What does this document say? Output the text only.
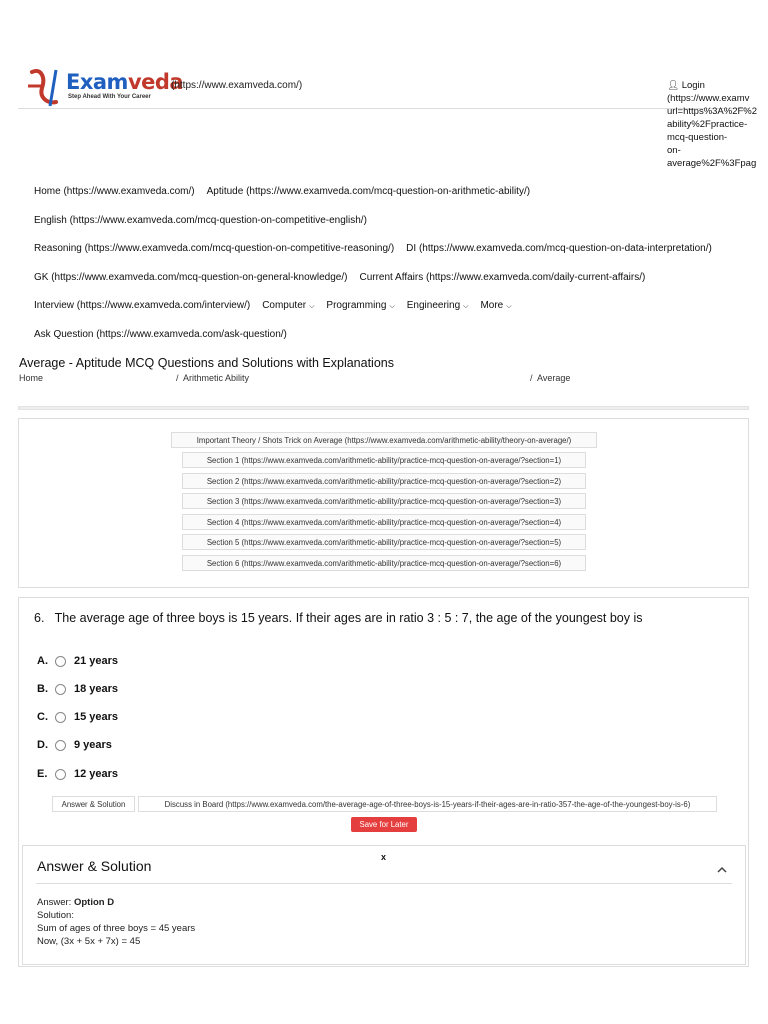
Examveda
Step Ahead With Your Career
(https://www.examveda.com/)	👤︎ Login
(https://www.examv
url=https%3A%2F%2
ability%2Fpractice-
mcq-question-
on-
average%2F%3Fpag
Home (https://www.examveda.com/) Aptitude (https://www.examveda.com/mcq-question-on-arithmetic-ability/)
English (https://www.examveda.com/mcq-question-on-competitive-english/)
Reasoning (https://www.examveda.com/mcq-question-on-competitive-reasoning/) DI (https://www.examveda.com/mcq-question-on-data-interpretation/)
GK (https://www.examveda.com/mcq-question-on-general-knowledge/) Current Affairs (https://www.examveda.com/daily-current-affairs/)
Interview (https://www.examveda.com/interview/) Computer ⌵ Programming ⌵ Engineering ⌵ More ⌵
Ask Question (https://www.examveda.com/ask-question/)
Average - Aptitude MCQ Questions and Solutions with Explanations
Home	/ Arithmetic Ability	/ Average
Important Theory / Shots Trick on Average (https://www.examveda.com/arithmetic-ability/theory-on-average/)
Section 1 (https://www.examveda.com/arithmetic-ability/practice-mcq-question-on-average/?section=1)
Section 2 (https://www.examveda.com/arithmetic-ability/practice-mcq-question-on-average/?section=2)
Section 3 (https://www.examveda.com/arithmetic-ability/practice-mcq-question-on-average/?section=3)
Section 4 (https://www.examveda.com/arithmetic-ability/practice-mcq-question-on-average/?section=4)
Section 5 (https://www.examveda.com/arithmetic-ability/practice-mcq-question-on-average/?section=5)
Section 6 (https://www.examveda.com/arithmetic-ability/practice-mcq-question-on-average/?section=6)
6. The average age of three boys is 15 years. If their ages are in ratio 3 : 5 : 7, the age of the youngest boy is
A. 21 years
B. 18 years
C. 15 years
D. 9 years
E. 12 years
Answer & Solution	Discuss in Board (https://www.examveda.com/the-average-age-of-three-boys-is-15-years-if-their-ages-are-in-ratio-357-the-age-of-the-youngest-boy-is-6)
Save for Later
Answer & Solution
x
Answer: Option D
Solution:
Sum of ages of three boys = 45 years
Now, (3x + 5x + 7x) = 45
